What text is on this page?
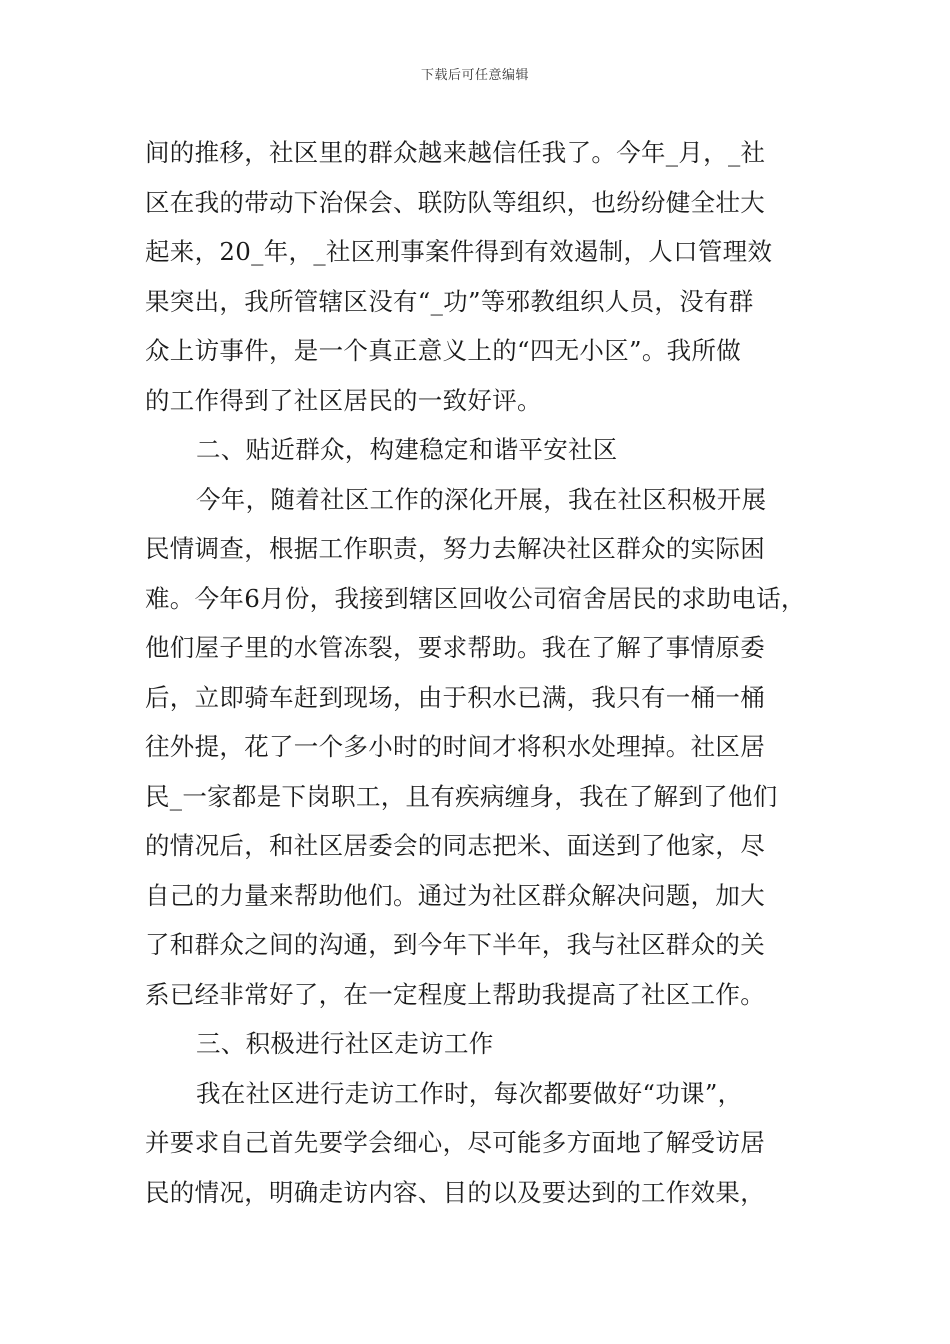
下载后可任意编辑
间的推移，社区里的群众越来越信任我了。今年_月，_社
区在我的带动下治保会、联防队等组织，也纷纷健全壮大
起来，20_年，_社区刑事案件得到有效遏制，人口管理效
果突出，我所管辖区没有“_功”等邪教组织人员，没有群
众上访事件，是一个真正意义上的“四无小区”。我所做
的工作得到了社区居民的一致好评。
二、贴近群众，构建稳定和谐平安社区
今年，随着社区工作的深化开展，我在社区积极开展
民情调查，根据工作职责，努力去解决社区群众的实际困
难。今年6月份，我接到辖区回收公司宿舍居民的求助电话，
他们屋子里的水管冻裂，要求帮助。我在了解了事情原委
后，立即骑车赶到现场，由于积水已满，我只有一桶一桶
往外提，花了一个多小时的时间才将积水处理掉。社区居
民_一家都是下岗职工，且有疾病缠身，我在了解到了他们
的情况后，和社区居委会的同志把米、面送到了他家，尽
自己的力量来帮助他们。通过为社区群众解决问题，加大
了和群众之间的沟通，到今年下半年，我与社区群众的关
系已经非常好了，在一定程度上帮助我提高了社区工作。
三、积极进行社区走访工作
我在社区进行走访工作时，每次都要做好“功课”，
并要求自己首先要学会细心，尽可能多方面地了解受访居
民的情况，明确走访内容、目的以及要达到的工作效果，
